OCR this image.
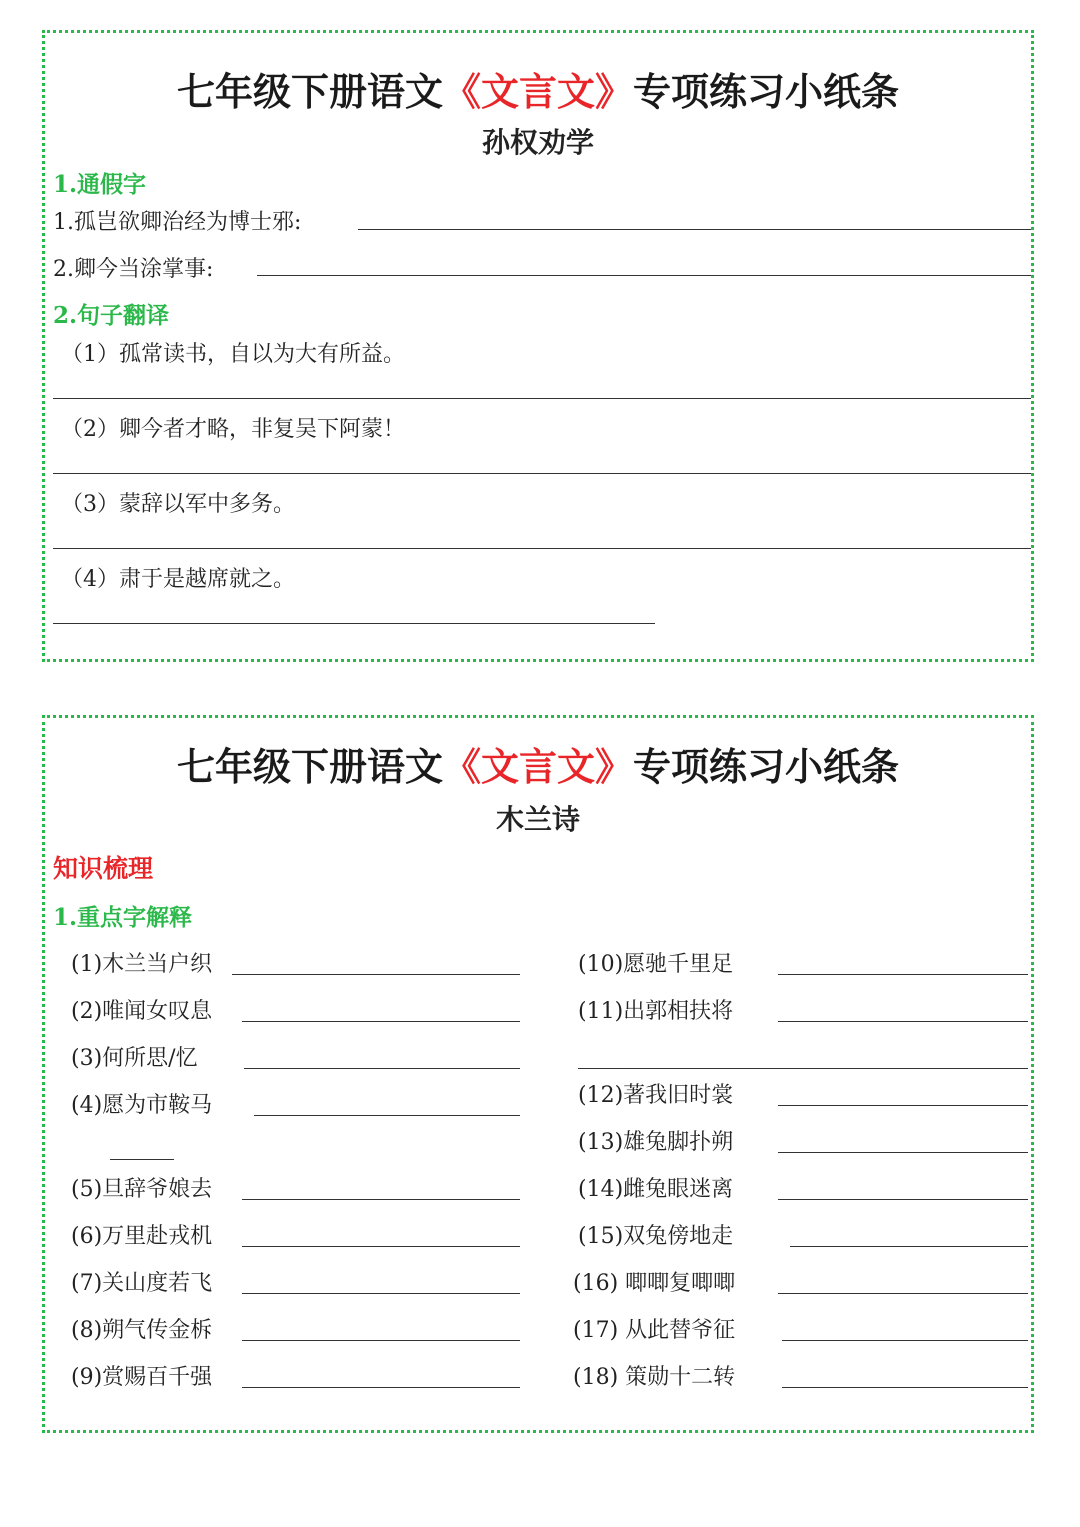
七年级下册语文《文言文》专项练习小纸条
孙权劝学
1.通假字
1.孤岂欲卿治经为博士邪:
2.卿今当涂掌事:
2.句子翻译
（1）孤常读书，自以为大有所益。
（2）卿今者才略，非复吴下阿蒙！
（3）蒙辞以军中多务。
（4）肃于是越席就之。
七年级下册语文《文言文》专项练习小纸条
木兰诗
知识梳理
1.重点字解释
(1)木兰当户织
(2)唯闻女叹息
(3)何所思/忆
(4)愿为市鞍马
(5)旦辞爷娘去
(6)万里赴戎机
(7)关山度若飞
(8)朔气传金柝
(9)赏赐百千强
(10)愿驰千里足
(11)出郭相扶将
(12)著我旧时裳
(13)雄兔脚扑朔
(14)雌兔眼迷离
(15)双兔傍地走
(16) 唧唧复唧唧
(17) 从此替爷征
(18) 策勋十二转
